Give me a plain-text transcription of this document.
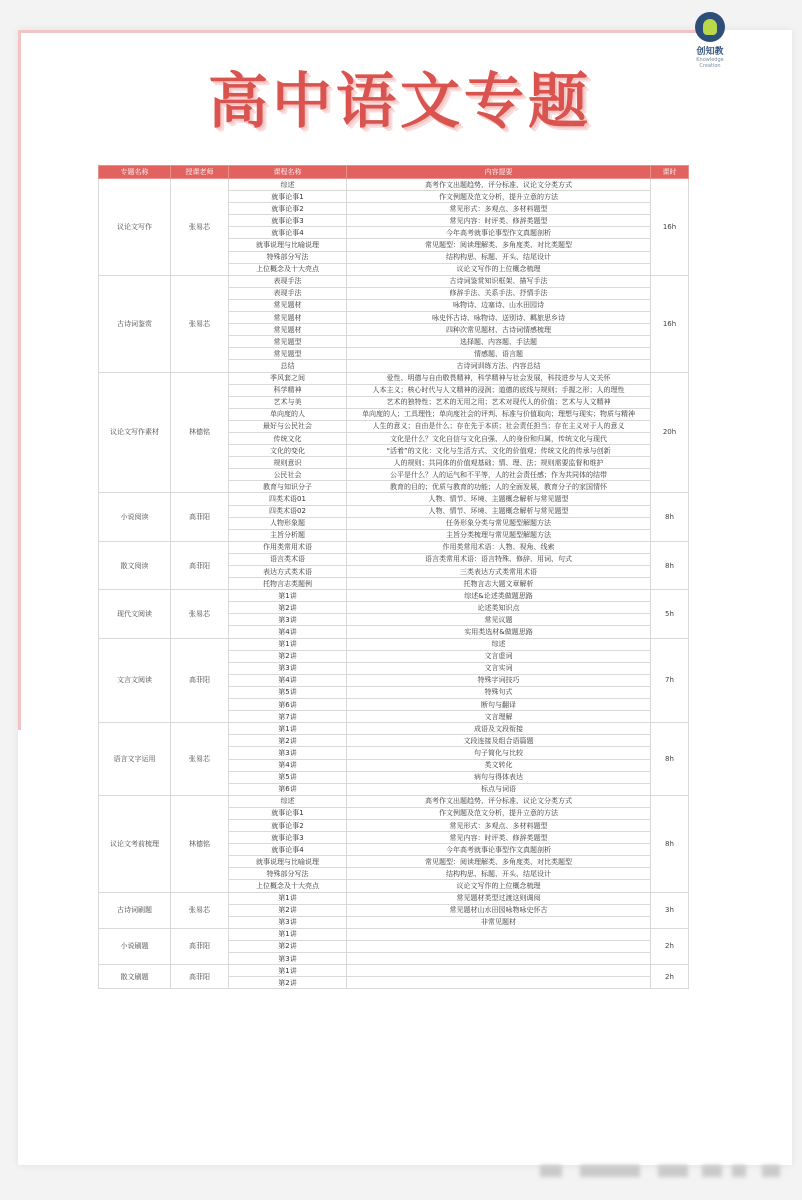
创知教
Knowledge Creation
高中语文专题
专题名称	授课老师	课程名称	内容提要	课时
议论文写作	张易芯	综述	高考作文出题趋势、评分标准、议论文分类方式	16h
		就事论事1	作文例题及范文分析，提升立意的方法	
		就事论事2	常见形式：多观点、多材料题型	
		就事论事3	常见内容：时评类、修辞类题型	
		就事论事4	今年高考就事论事型作文真题剖析	
		就事说理与比喻说理	常见题型：阅读理解类、多角度类、对比类题型	
		特殊部分写法	结构构思、标题、开头、结尾设计	
		上位概念及十大亮点	议论文写作的上位概念梳理	
古诗词鉴赏	张易芯	表现手法	古诗词鉴赏知识框架、描写手法	16h
		表现手法	修辞手法、关系手法、抒情手法	
		常见题材	咏物诗、边塞诗、山水田园诗	
		常见题材	咏史怀古诗、咏物诗、送别诗、羁旅思乡诗	
		常见题材	四种次常见题材、古诗词情感梳理	
		常见题型	选择题、内容题、手法题	
		常见题型	情感题、语言题	
		总结	古诗词训练方法、内容总结	
议论文写作素材	林德铭	季风套之间	爱性、明德与自由敬畏精神，科学精神与社会发展，科技进步与人文关怀	20h
		科学精神	人本主义；核心时代与人文精神的浸润；道德的底线与规则；手握之形；人的理性	
		艺术与美	艺术的独特性；艺术的无用之用；艺术对现代人的价值；艺术与人文精神	
		单向度的人	单向度的人；工具理性；单向度社会的评判、标准与价值取向；理想与现实；物质与精神	
		最好与公民社会	人生的意义；自由是什么；存在先于本质；社会责任担当；存在主义对于人的意义	
		传统文化	文化是什么？文化自信与文化自强、人的身份和归属，传统文化与现代	
		文化的变化	“活着”的文化：文化与生活方式、文化的价值观；传统文化的传承与创新	
		规则意识	人的规则；共同体的价值观基础；情、理、法；规则需要监督和维护	
		公民社会	公平是什么？人的运气和不平等，人的社会责任感；作为共同体的结带	
		教育与知识分子	教育的目的；优质与教育的功能；人的全面发展，教育分子的家国情怀	
小说阅读	高菲阳	四类术语01	人物、情节、环境、主题概念解析与常见题型	8h
		四类术语02	人物、情节、环境、主题概念解析与常见题型	
		人物形象题	任务形象分类与常见题型解题方法	
		主旨分析题	主旨分类梳理与常见题型解题方法	
散文阅读	高菲阳	作用类常用术语	作用类常用术语：人物、视角、线索	8h
		语言类术语	语言类常用术语：语言特殊、修辞、用词、句式	
		表达方式类术语	三类表达方式类常用术语	
		托物言志类题例	托物言志大题文章解析	
现代文阅读	张易芯	第1讲	综述&论述类做题思路	5h
		第2讲	论述类知识点	
		第3讲	常见议题	
		第4讲	实用类选材&做题思路	
文言文阅读	高菲阳	第1讲	综述	7h
		第2讲	文言虚词	
		第3讲	文言实词	
		第4讲	特殊字词技巧	
		第5讲	特殊句式	
		第6讲	断句与翻译	
		第7讲	文言理解	
语言文字运用	张易芯	第1讲	成语及文段衔接	8h
		第2讲	文段连接及组合语篇题	
		第3讲	句子简化与比较	
		第4讲	类文转化	
		第5讲	病句与得体表达	
		第6讲	标点与词语	
议论文考前梳理	林德铭	综述	高考作文出题趋势、评分标准、议论文分类方式	8h
		就事论事1	作文例题及范文分析，提升立意的方法	
		就事论事2	常见形式：多观点、多材料题型	
		就事论事3	常见内容：时评类、修辞类题型	
		就事论事4	今年高考就事论事型作文真题剖析	
		就事说理与比喻说理	常见题型：阅读理解类、多角度类、对比类题型	
		特殊部分写法	结构构思、标题、开头、结尾设计	
		上位概念及十大亮点	议论文写作的上位概念梳理	
古诗词刷题	张易芯	第1讲	常见题材类型过渡这则调阅	3h
		第2讲	常见题材山水田园咏物咏史怀古	
		第3讲	非常见题材	
小说刷题	高菲阳	第1讲		2h
		第2讲		
		第3讲		
散文刷题	高菲阳	第1讲		2h
		第2讲		
